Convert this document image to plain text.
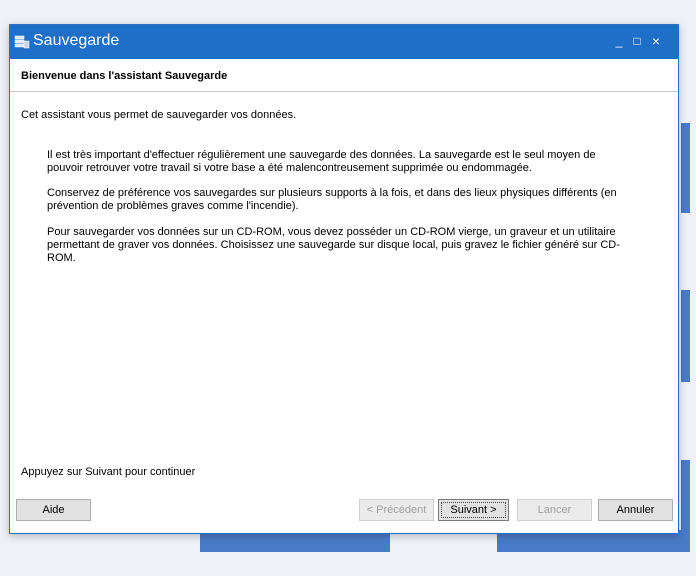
Sauvegarde	_ □ ×
Bienvenue dans l'assistant Sauvegarde
Cet assistant vous permet de sauvegarder vos données.
Il est très important d'effectuer régulièrement une sauvegarde des données. La sauvegarde est le seul moyen de pouvoir retrouver votre travail si votre base a été malencontreusement supprimée ou endommagée.
Conservez de préférence vos sauvegardes sur plusieurs supports à la fois, et dans des lieux physiques différents (en prévention de problèmes graves comme l'incendie).
Pour sauvegarder vos données sur un CD-ROM, vous devez posséder un CD-ROM vierge, un graveur et un utilitaire permettant de graver vos données. Choisissez une sauvegarde sur disque local, puis gravez le fichier généré sur CD-ROM.
Appuyez sur Suivant pour continuer
Aide	< Précédent	Suivant >	Lancer	Annuler
